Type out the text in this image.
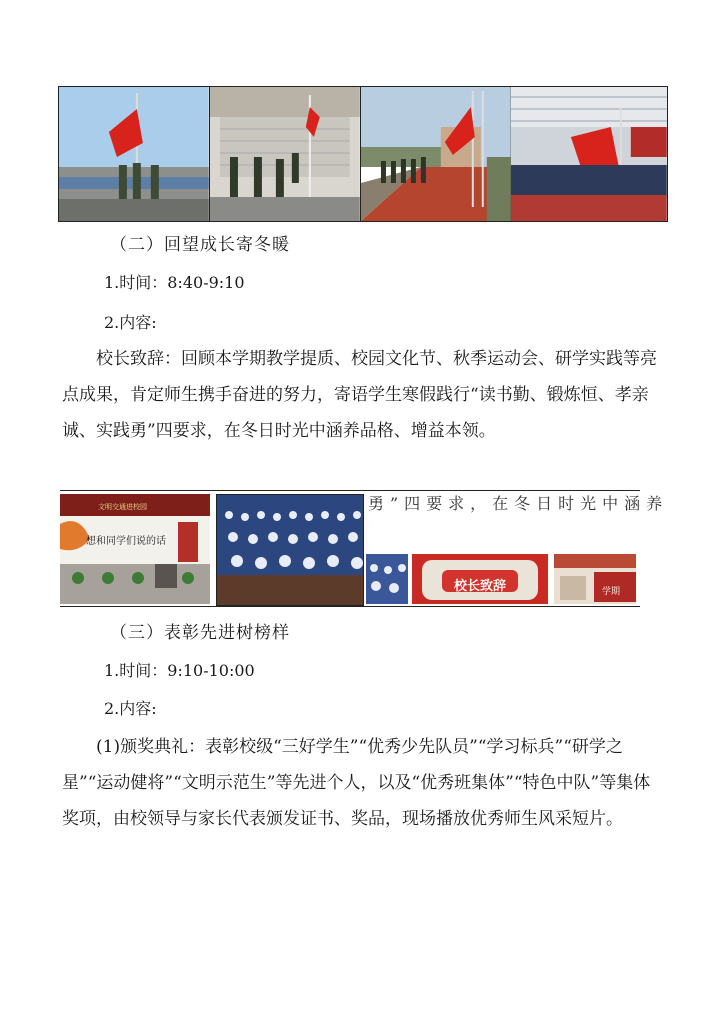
（二）回望成长寄冬暖
1.时间：8:40-9:10
2.内容:
校长致辞：回顾本学期教学提质、校园文化节、秋季运动会、研学实践等亮点成果，肯定师生携手奋进的努力，寄语学生寒假践行“读书勤、锻炼恒、孝亲诚、实践勇”四要求，在冬日时光中涵养品格、增益本领。
想和同学们说的话
文明交通进校园	勇”四要求，在冬日时光中涵养
校长致辞	学期
（三）表彰先进树榜样
1.时间：9:10-10:00
2.内容:
(1)颁奖典礼：表彰校级“三好学生”“优秀少先队员”“学习标兵”“研学之星”“运动健将”“文明示范生”等先进个人，以及“优秀班集体”“特色中队”等集体奖项，由校领导与家长代表颁发证书、奖品，现场播放优秀师生风采短片。
